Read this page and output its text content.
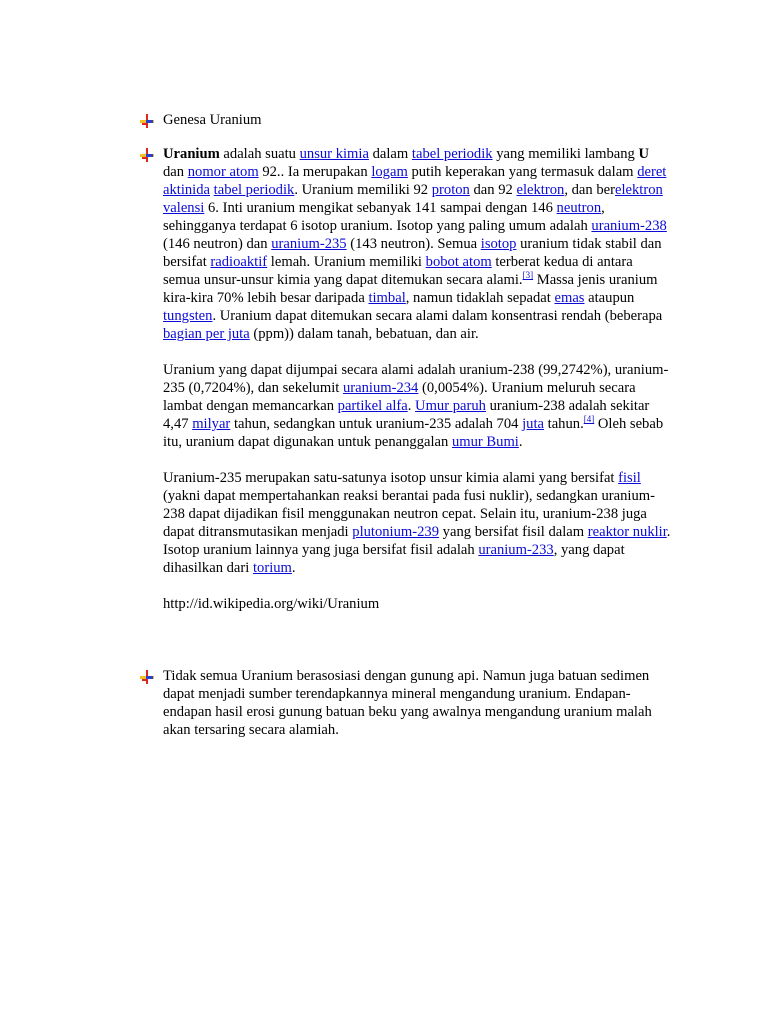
Genesa Uranium

Uranium adalah suatu unsur kimia dalam tabel periodik yang memiliki lambang U dan nomor atom 92.. Ia merupakan logam putih keperakan yang termasuk dalam deret aktinida tabel periodik. Uranium memiliki 92 proton dan 92 elektron, dan berelektron valensi 6. Inti uranium mengikat sebanyak 141 sampai dengan 146 neutron, sehingganya terdapat 6 isotop uranium. Isotop yang paling umum adalah uranium-238 (146 neutron) dan uranium-235 (143 neutron). Semua isotop uranium tidak stabil dan bersifat radioaktif lemah. Uranium memiliki bobot atom terberat kedua di antara semua unsur-unsur kimia yang dapat ditemukan secara alami.[3] Massa jenis uranium kira-kira 70% lebih besar daripada timbal, namun tidaklah sepadat emas ataupun tungsten. Uranium dapat ditemukan secara alami dalam konsentrasi rendah (beberapa bagian per juta (ppm)) dalam tanah, bebatuan, dan air.

Uranium yang dapat dijumpai secara alami adalah uranium-238 (99,2742%), uranium-235 (0,7204%), dan sekelumit uranium-234 (0,0054%). Uranium meluruh secara lambat dengan memancarkan partikel alfa. Umur paruh uranium-238 adalah sekitar 4,47 milyar tahun, sedangkan untuk uranium-235 adalah 704 juta tahun.[4] Oleh sebab itu, uranium dapat digunakan untuk penanggalan umur Bumi.

Uranium-235 merupakan satu-satunya isotop unsur kimia alami yang bersifat fisil (yakni dapat mempertahankan reaksi berantai pada fusi nuklir), sedangkan uranium-238 dapat dijadikan fisil menggunakan neutron cepat. Selain itu, uranium-238 juga dapat ditransmutasikan menjadi plutonium-239 yang bersifat fisil dalam reaktor nuklir. Isotop uranium lainnya yang juga bersifat fisil adalah uranium-233, yang dapat dihasilkan dari torium.

http://id.wikipedia.org/wiki/Uranium

Tidak semua Uranium berasosiasi dengan gunung api. Namun juga batuan sedimen dapat menjadi sumber terendapkannya mineral mengandung uranium. Endapan-endapan hasil erosi gunung batuan beku yang awalnya mengandung uranium malah akan tersaring secara alamiah.
